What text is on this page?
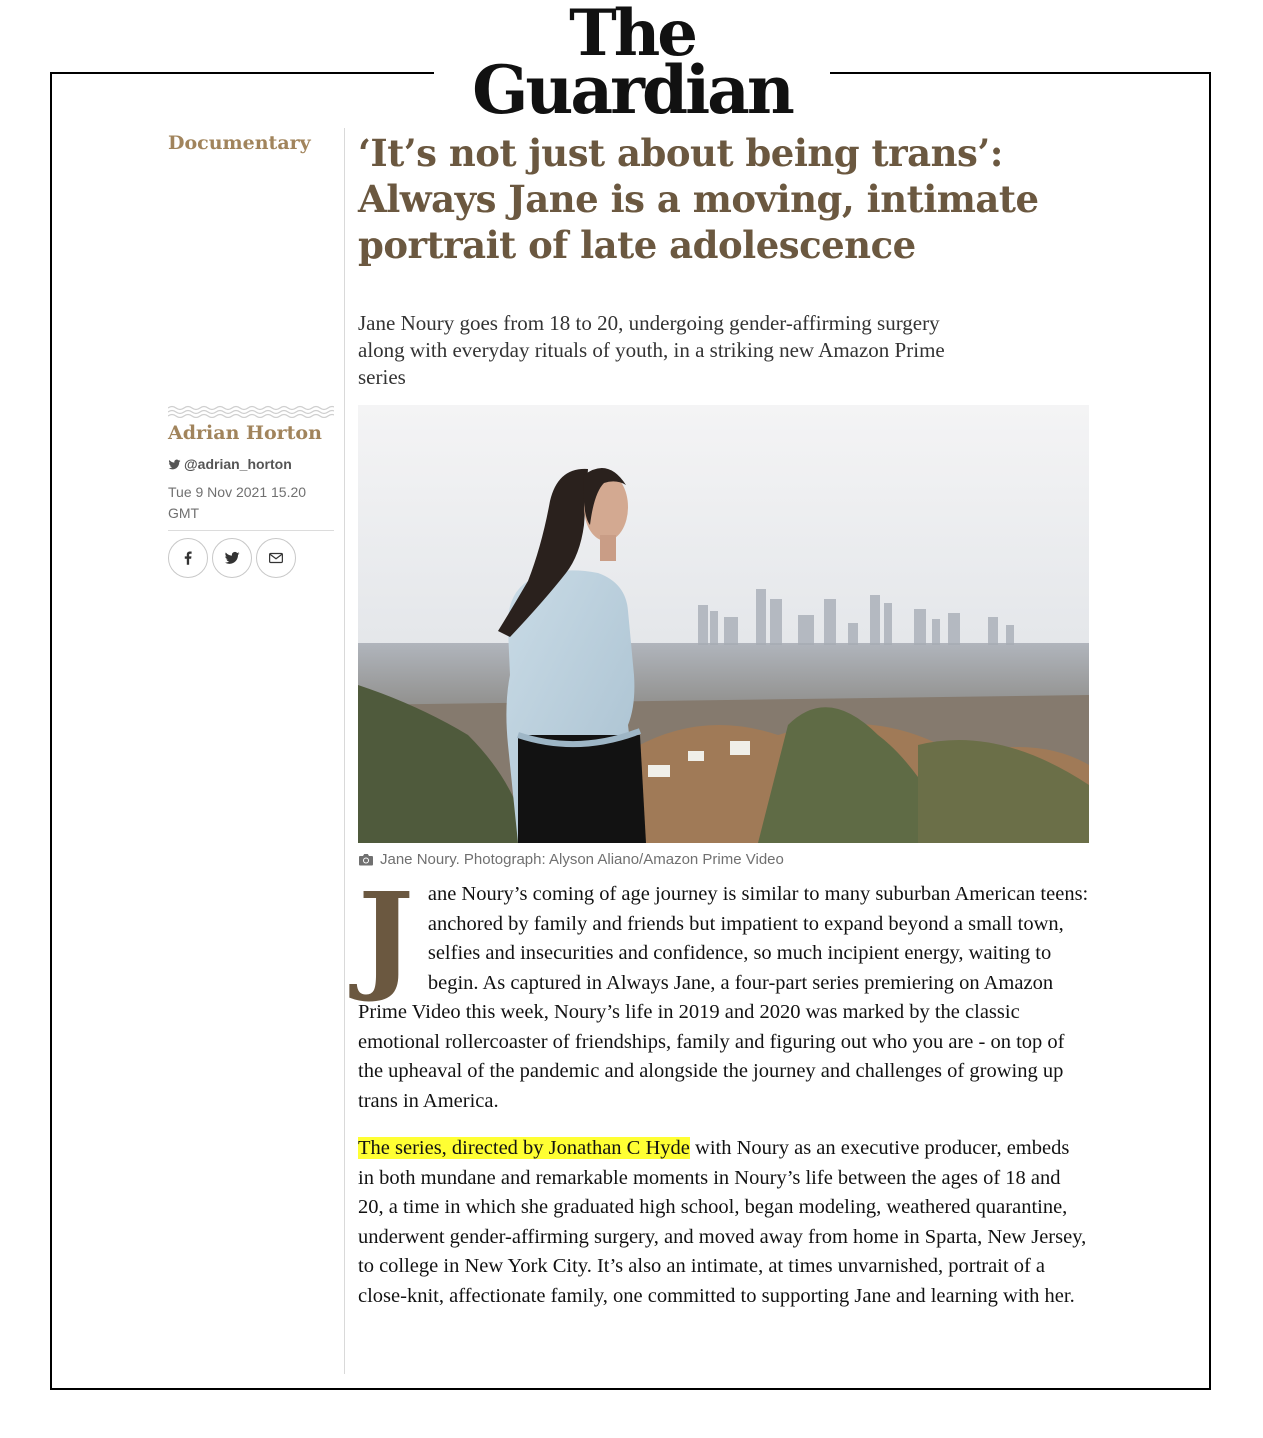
The
Guardian
Documentary ‘It’s not just about being trans’: Always Jane is a moving, intimate portrait of late adolescence

Jane Noury goes from 18 to 20, undergoing gender-affirming surgery along with everyday rituals of youth, in a striking new Amazon Prime series

Adrian Horton
@adrian_horton
Tue 9 Nov 2021 15.20 GMT
Jane Noury. Photograph: Alyson Aliano/Amazon Prime Video

Jane Noury’s coming of age journey is similar to many suburban American teens: anchored by family and friends but impatient to expand beyond a small town, selfies and insecurities and confidence, so much incipient energy, waiting to begin. As captured in Always Jane, a four-part series premiering on Amazon Prime Video this week, Noury’s life in 2019 and 2020 was marked by the classic emotional rollercoaster of friendships, family and figuring out who you are - on top of the upheaval of the pandemic and alongside the journey and challenges of growing up trans in America.

The series, directed by Jonathan C Hyde with Noury as an executive producer, embeds in both mundane and remarkable moments in Noury’s life between the ages of 18 and 20, a time in which she graduated high school, began modeling, weathered quarantine, underwent gender-affirming surgery, and moved away from home in Sparta, New Jersey, to college in New York City. It’s also an intimate, at times unvarnished, portrait of a close-knit, affectionate family, one committed to supporting Jane and learning with her.
